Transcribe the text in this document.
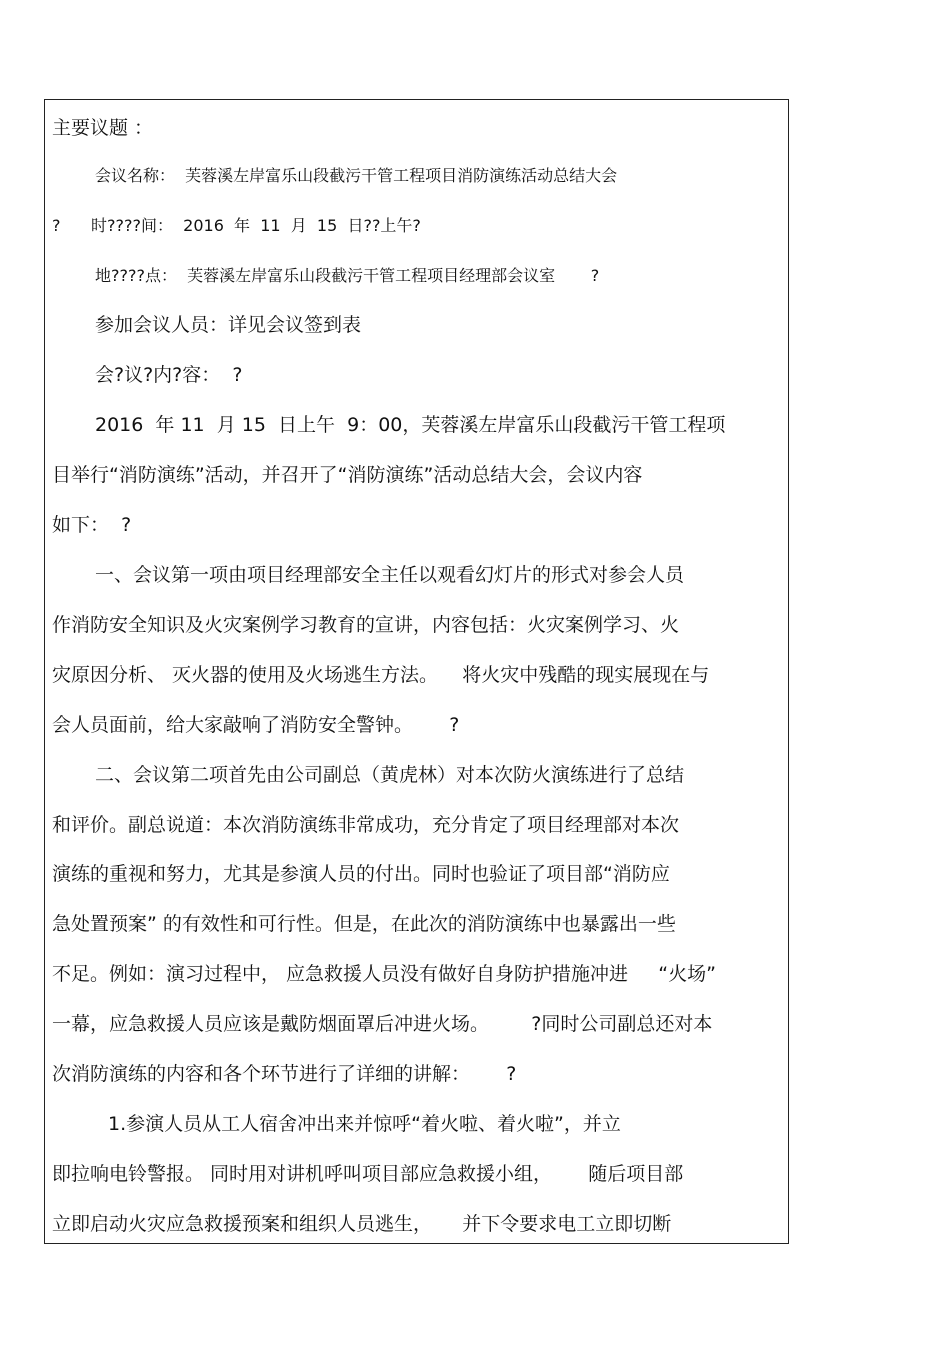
主要议题 ：
会议名称：  芙蓉溪左岸富乐山段截污干管工程项目消防演练活动总结大会
?      时????间：  2016  年  11  月  15  日??上午?
地????点：  芙蓉溪左岸富乐山段截污干管工程项目经理部会议室       ?
参加会议人员：详见会议签到表
会?议?内?容：  ?
2016  年 11  月 15  日上午  9：00，芙蓉溪左岸富乐山段截污干管工程项
目举行“消防演练”活动，并召开了“消防演练”活动总结大会，会议内容
如下：  ?
一、会议第一项由项目经理部安全主任以观看幻灯片的形式对参会人员
作消防安全知识及火灾案例学习教育的宣讲，内容包括：火灾案例学习、火
灾原因分析、 灭火器的使用及火场逃生方法。    将火灾中残酷的现实展现在与
会人员面前，给大家敲响了消防安全警钟。      ?
二、会议第二项首先由公司副总（黄虎林）对本次防火演练进行了总结
和评价。副总说道：本次消防演练非常成功，充分肯定了项目经理部对本次
演练的重视和努力，尤其是参演人员的付出。同时也验证了项目部“消防应
急处置预案” 的有效性和可行性。但是，在此次的消防演练中也暴露出一些
不足。例如：演习过程中， 应急救援人员没有做好自身防护措施冲进     “火场”
一幕，应急救援人员应该是戴防烟面罩后冲进火场。       ?同时公司副总还对本
次消防演练的内容和各个环节进行了详细的讲解：      ?
1.参演人员从工人宿舍冲出来并惊呼“着火啦、着火啦”，并立
即拉响电铃警报。 同时用对讲机呼叫项目部应急救援小组，      随后项目部
立即启动火灾应急救援预案和组织人员逃生，     并下令要求电工立即切断
